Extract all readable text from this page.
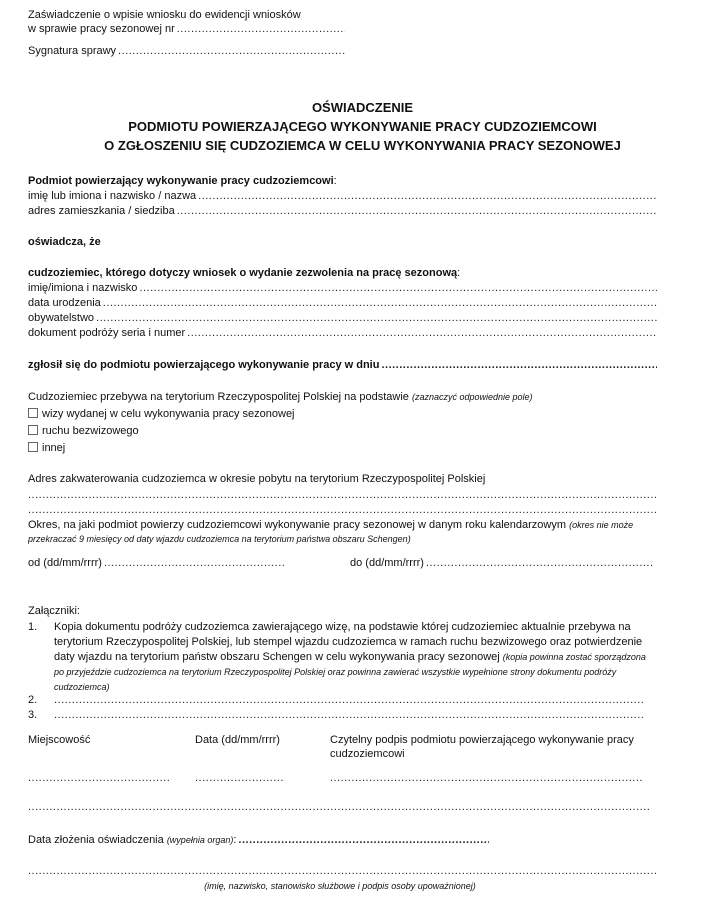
Zaświadczenie o wpisie wniosku do ewidencji wniosków
w sprawie pracy sezonowej nr
.....
Sygnatura sprawy
.....
OŚWIADCZENIE
PODMIOTU POWIERZAJĄCEGO WYKONYWANIE PRACY CUDZOZIEMCOWI
O ZGŁOSZENIU SIĘ CUDZOZIEMCA W CELU WYKONYWANIA PRACY SEZONOWEJ
Podmiot powierzający wykonywanie pracy cudzoziemcowi:
imię lub imiona i nazwisko / nazwa
.....
adres zamieszkania / siedziba
.....
oświadcza, że
cudzoziemiec, którego dotyczy wniosek o wydanie zezwolenia na pracę sezonową:
imię/imiona i nazwisko
.....
data urodzenia
.....
obywatelstwo
.....
dokument podróży seria i numer
.....
zgłosił się do podmiotu powierzającego wykonywanie pracy w dniu
.....
Cudzoziemiec przebywa na terytorium Rzeczypospolitej Polskiej na podstawie (zaznaczyć odpowiednie pole)
wizy wydanej w celu wykonywania pracy sezonowej
ruchu bezwizowego
innej
Adres zakwaterowania cudzoziemca w okresie pobytu na terytorium Rzeczypospolitej Polskiej
.....
.....
Okres, na jaki podmiot powierzy cudzoziemcowi wykonywanie pracy sezonowej w danym roku kalendarzowym (okres nie może przekraczać 9 miesięcy od daty wjazdu cudzoziemca na terytorium państwa obszaru Schengen)
od (dd/mm/rrrr)
.....	do (dd/mm/rrrr)
.....
Załączniki:
1. Kopia dokumentu podróży cudzoziemca zawierającego wizę, na podstawie której cudzoziemiec aktualnie przebywa na terytorium Rzeczypospolitej Polskiej, lub stempel wjazdu cudzoziemca w ramach ruchu bezwizowego oraz potwierdzenie daty wjazdu na terytorium państw obszaru Schengen w celu wykonywania pracy sezonowej (kopia powinna zostać sporządzona po przyjeździe cudzoziemca na terytorium Rzeczypospolitej Polskiej oraz powinna zawierać wszystkie wypełnione strony dokumentu podróży cudzoziemca)
2.
.....
3.
.....
Miejscowość	Data (dd/mm/rrrr)	Czytelny podpis podmiotu powierzającego wykonywanie pracy cudzoziemcowi
.....
.....
.....
.....
Data złożenia oświadczenia (wypełnia organ):
.....
.....
(imię, nazwisko, stanowisko służbowe i podpis osoby upoważnionej)
